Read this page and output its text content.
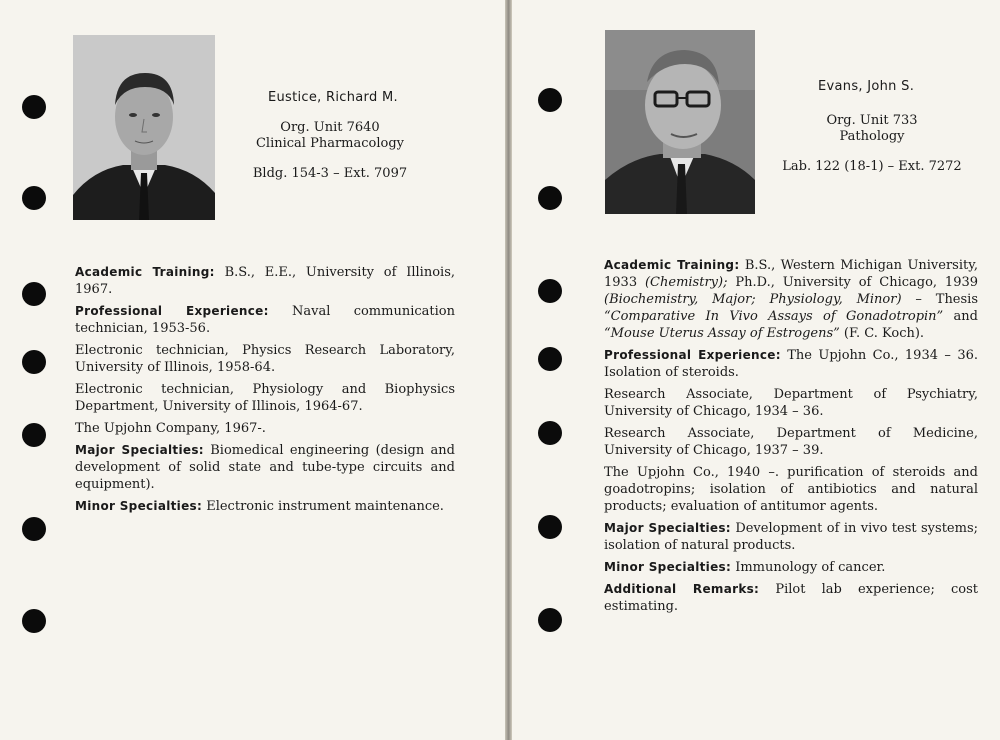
Eustice, Richard M.
Org. Unit 7640
Clinical Pharmacology
Bldg. 154-3 – Ext. 7097

Academic Training: B.S., E.E., University of Illinois, 1967.

Professional Experience: Naval communication technician, 1953-56.

Electronic technician, Physics Research Laboratory, University of Illinois, 1958-64.

Electronic technician, Physiology and Biophysics Department, University of Illinois, 1964-67.

The Upjohn Company, 1967-.

Major Specialties: Biomedical engineering (design and development of solid state and tube-type circuits and equipment).

Minor Specialties: Electronic instrument maintenance.

Evans, John S.
Org. Unit 733
Pathology
Lab. 122 (18-1) – Ext. 7272

Academic Training: B.S., Western Michigan University, 1933 (Chemistry); Ph.D., University of Chicago, 1939 (Biochemistry, Major; Physiology, Minor) – Thesis “Comparative In Vivo Assays of Gonadotropin” and “Mouse Uterus Assay of Estrogens” (F. C. Koch).

Professional Experience: The Upjohn Co., 1934 – 36. Isolation of steroids.

Research Associate, Department of Psychiatry, University of Chicago, 1934 – 36.

Research Associate, Department of Medicine, University of Chicago, 1937 – 39.

The Upjohn Co., 1940 –. purification of steroids and goadotropins; isolation of antibiotics and natural products; evaluation of antitumor agents.

Major Specialties: Development of in vivo test systems; isolation of natural products.

Minor Specialties: Immunology of cancer.

Additional Remarks: Pilot lab experience; cost estimating.
